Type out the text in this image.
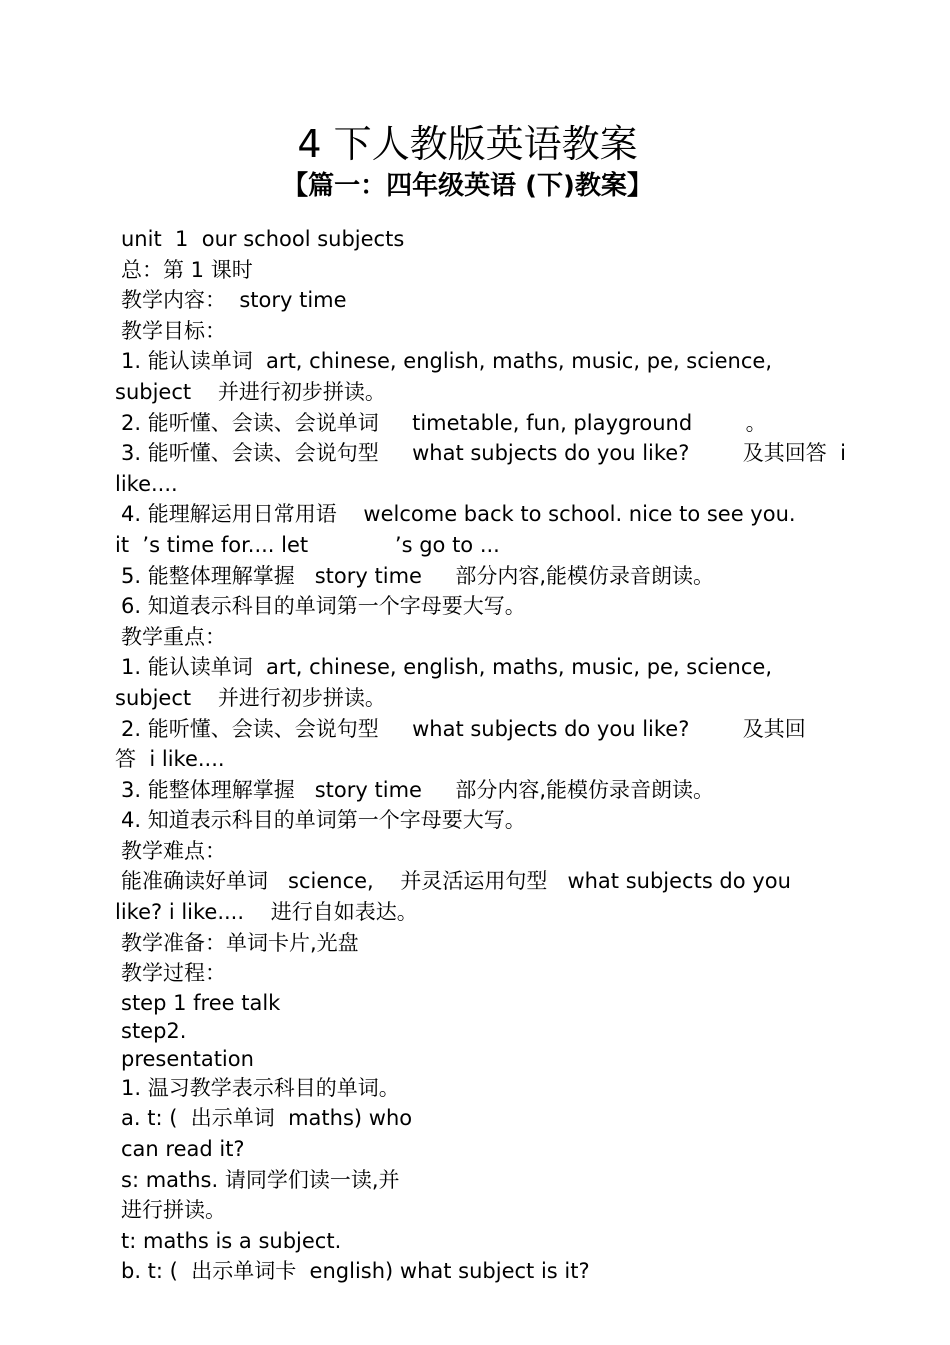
4 下人教版英语教案
【篇一：四年级英语 (下)教案】

unit  1  our school subjects

总：第 1 课时

教学内容：  story time

教学目标：

1. 能认读单词  art, chinese, english, maths, music, pe, science,

subject    并进行初步拼读。

2. 能听懂、会读、会说单词     timetable, fun, playground        。

3. 能听懂、会读、会说句型     what subjects do you like?        及其回答  i

like....

4. 能理解运用日常用语    welcome back to school. nice to see you.

it  ’s time for.... let             ’s go to ...

5. 能整体理解掌握   story time     部分内容,能模仿录音朗读。

6. 知道表示科目的单词第一个字母要大写。

教学重点：

1. 能认读单词  art, chinese, english, maths, music, pe, science,

subject    并进行初步拼读。

2. 能听懂、会读、会说句型     what subjects do you like?        及其回

答  i like....

3. 能整体理解掌握   story time     部分内容,能模仿录音朗读。

4. 知道表示科目的单词第一个字母要大写。

教学难点：

能准确读好单词   science,    并灵活运用句型   what subjects do you

like? i like....    进行自如表达。

教学准备：单词卡片,光盘

教学过程：

step 1 free talk

step2.

presentation

1. 温习教学表示科目的单词。

a. t: (  出示单词  maths) who

can read it?

s: maths. 请同学们读一读,并

进行拼读。

t: maths is a subject.

b. t: (  出示单词卡  english) what subject is it?
